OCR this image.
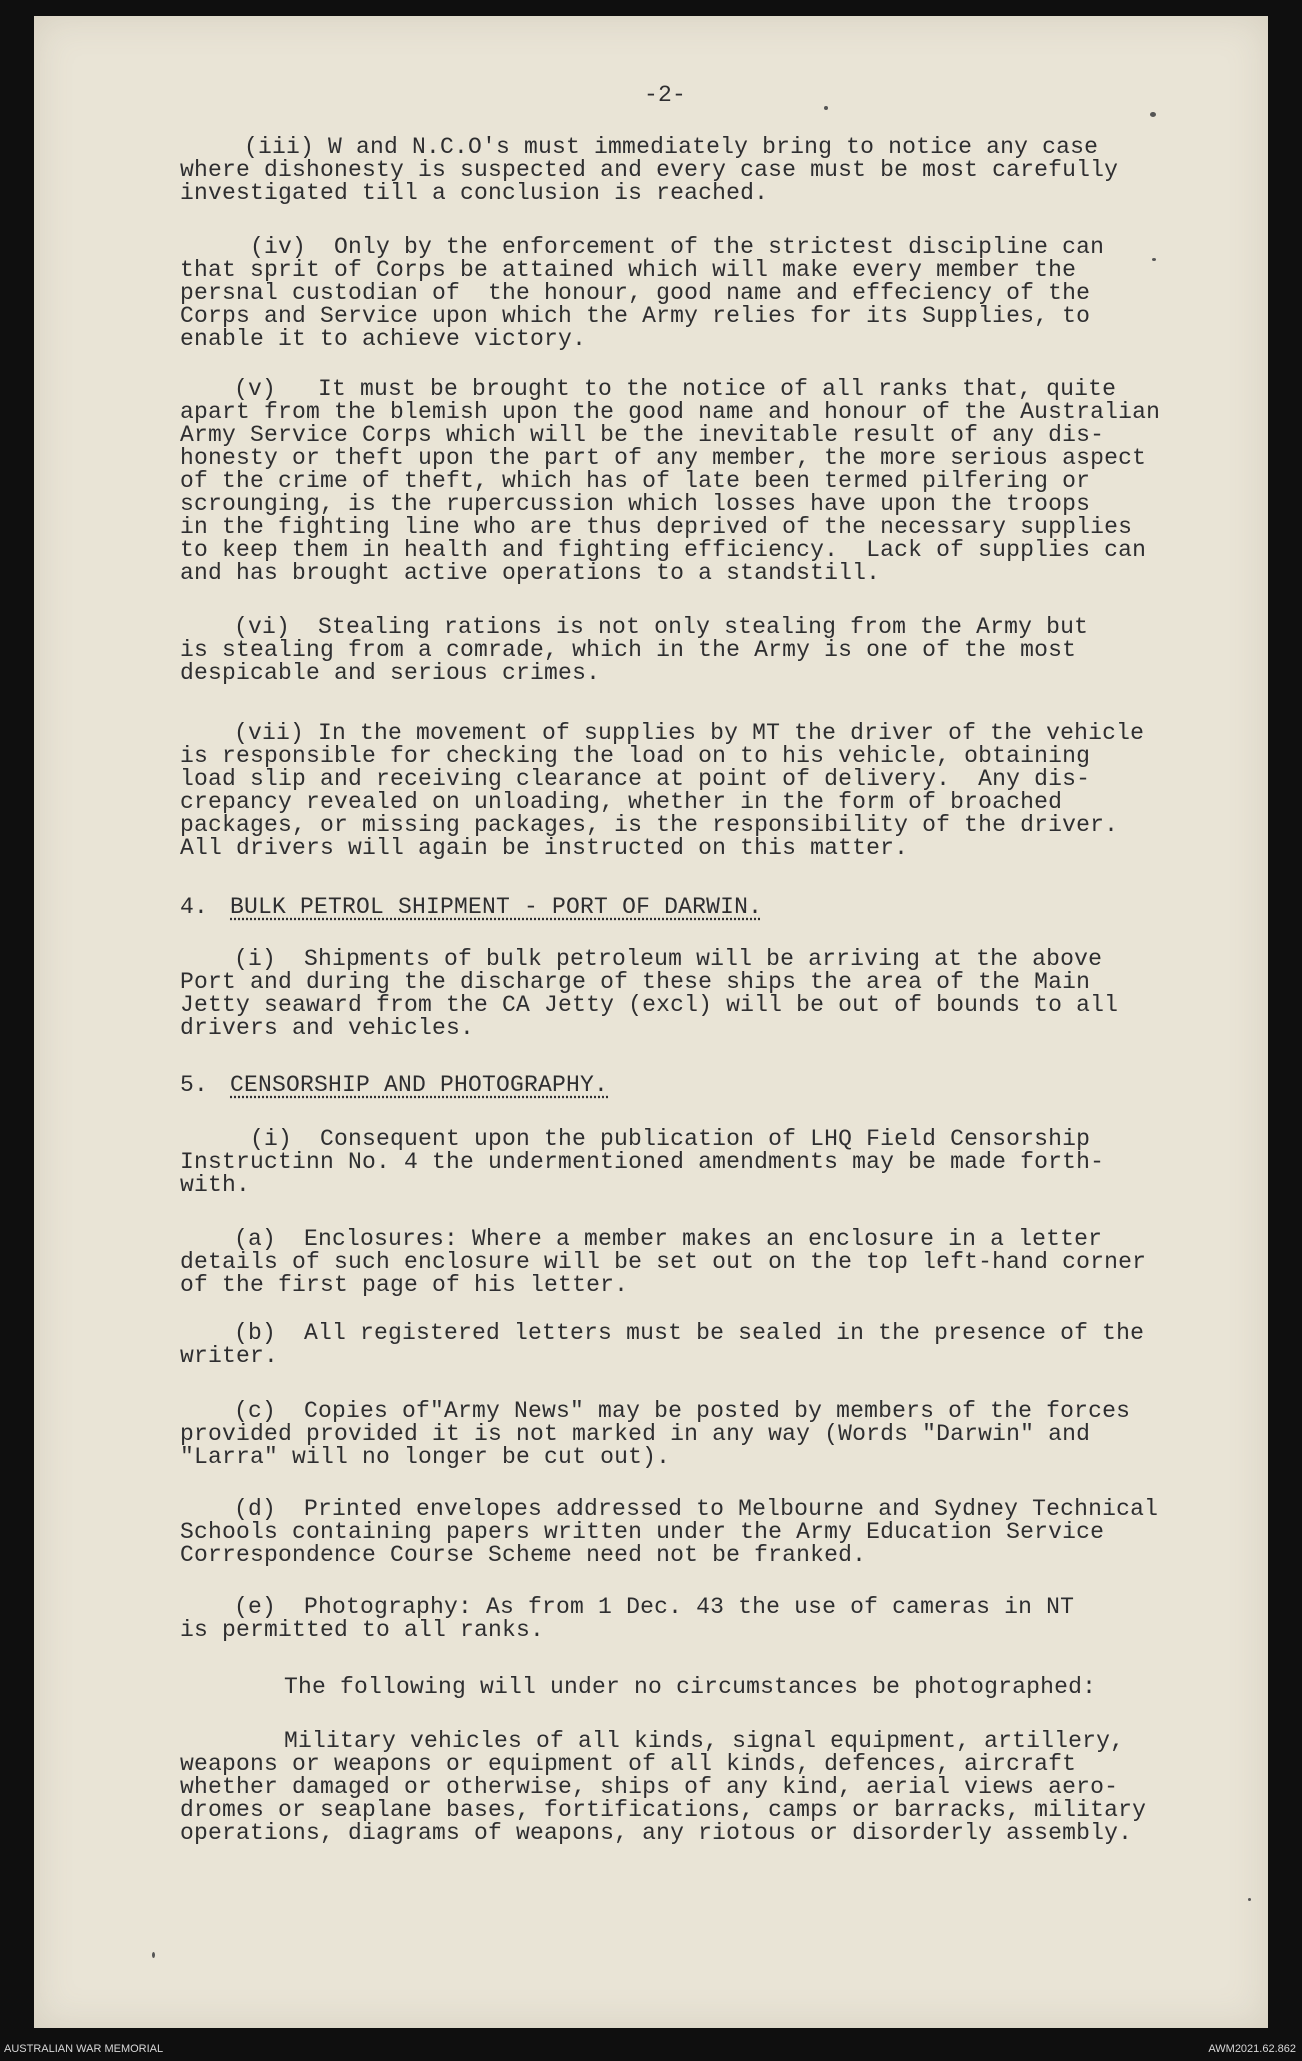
-2-
(iii) W and N.C.O's must immediately bring to notice any case
where dishonesty is suspected and every case must be most carefully
investigated till a conclusion is reached.
(iv)  Only by the enforcement of the strictest discipline can
that sprit of Corps be attained which will make every member the
persnal custodian of  the honour, good name and effeciency of the
Corps and Service upon which the Army relies for its Supplies, to
enable it to achieve victory.
(v)   It must be brought to the notice of all ranks that, quite
apart from the blemish upon the good name and honour of the Australian
Army Service Corps which will be the inevitable result of any dis-
honesty or theft upon the part of any member, the more serious aspect
of the crime of theft, which has of late been termed pilfering or
scrounging, is the rupercussion which losses have upon the troops
in the fighting line who are thus deprived of the necessary supplies
to keep them in health and fighting efficiency.  Lack of supplies can
and has brought active operations to a standstill.
(vi)  Stealing rations is not only stealing from the Army but
is stealing from a comrade, which in the Army is one of the most
despicable and serious crimes.
(vii) In the movement of supplies by MT the driver of the vehicle
is responsible for checking the load on to his vehicle, obtaining
load slip and receiving clearance at point of delivery.  Any dis-
crepancy revealed on unloading, whether in the form of broached
packages, or missing packages, is the responsibility of the driver.
All drivers will again be instructed on this matter.
4. BULK PETROL SHIPMENT - PORT OF DARWIN.
(i)  Shipments of bulk petroleum will be arriving at the above
Port and during the discharge of these ships the area of the Main
Jetty seaward from the CA Jetty (excl) will be out of bounds to all
drivers and vehicles.
5. CENSORSHIP AND PHOTOGRAPHY.
(i)  Consequent upon the publication of LHQ Field Censorship
Instructinn No. 4 the undermentioned amendments may be made forth-
with.
(a)  Enclosures: Where a member makes an enclosure in a letter
details of such enclosure will be set out on the top left-hand corner
of the first page of his letter.
(b)  All registered letters must be sealed in the presence of the
writer.
(c)  Copies of"Army News" may be posted by members of the forces
provided provided it is not marked in any way (Words "Darwin" and
"Larra" will no longer be cut out).
(d)  Printed envelopes addressed to Melbourne and Sydney Technical
Schools containing papers written under the Army Education Service
Correspondence Course Scheme need not be franked.
(e)  Photography: As from 1 Dec. 43 the use of cameras in NT
is permitted to all ranks.
The following will under no circumstances be photographed:
Military vehicles of all kinds, signal equipment, artillery,
weapons or weapons or equipment of all kinds, defences, aircraft
whether damaged or otherwise, ships of any kind, aerial views aero-
dromes or seaplane bases, fortifications, camps or barracks, military
operations, diagrams of weapons, any riotous or disorderly assembly.
AUSTRALIAN WAR MEMORIAL	AWM2021.62.862
